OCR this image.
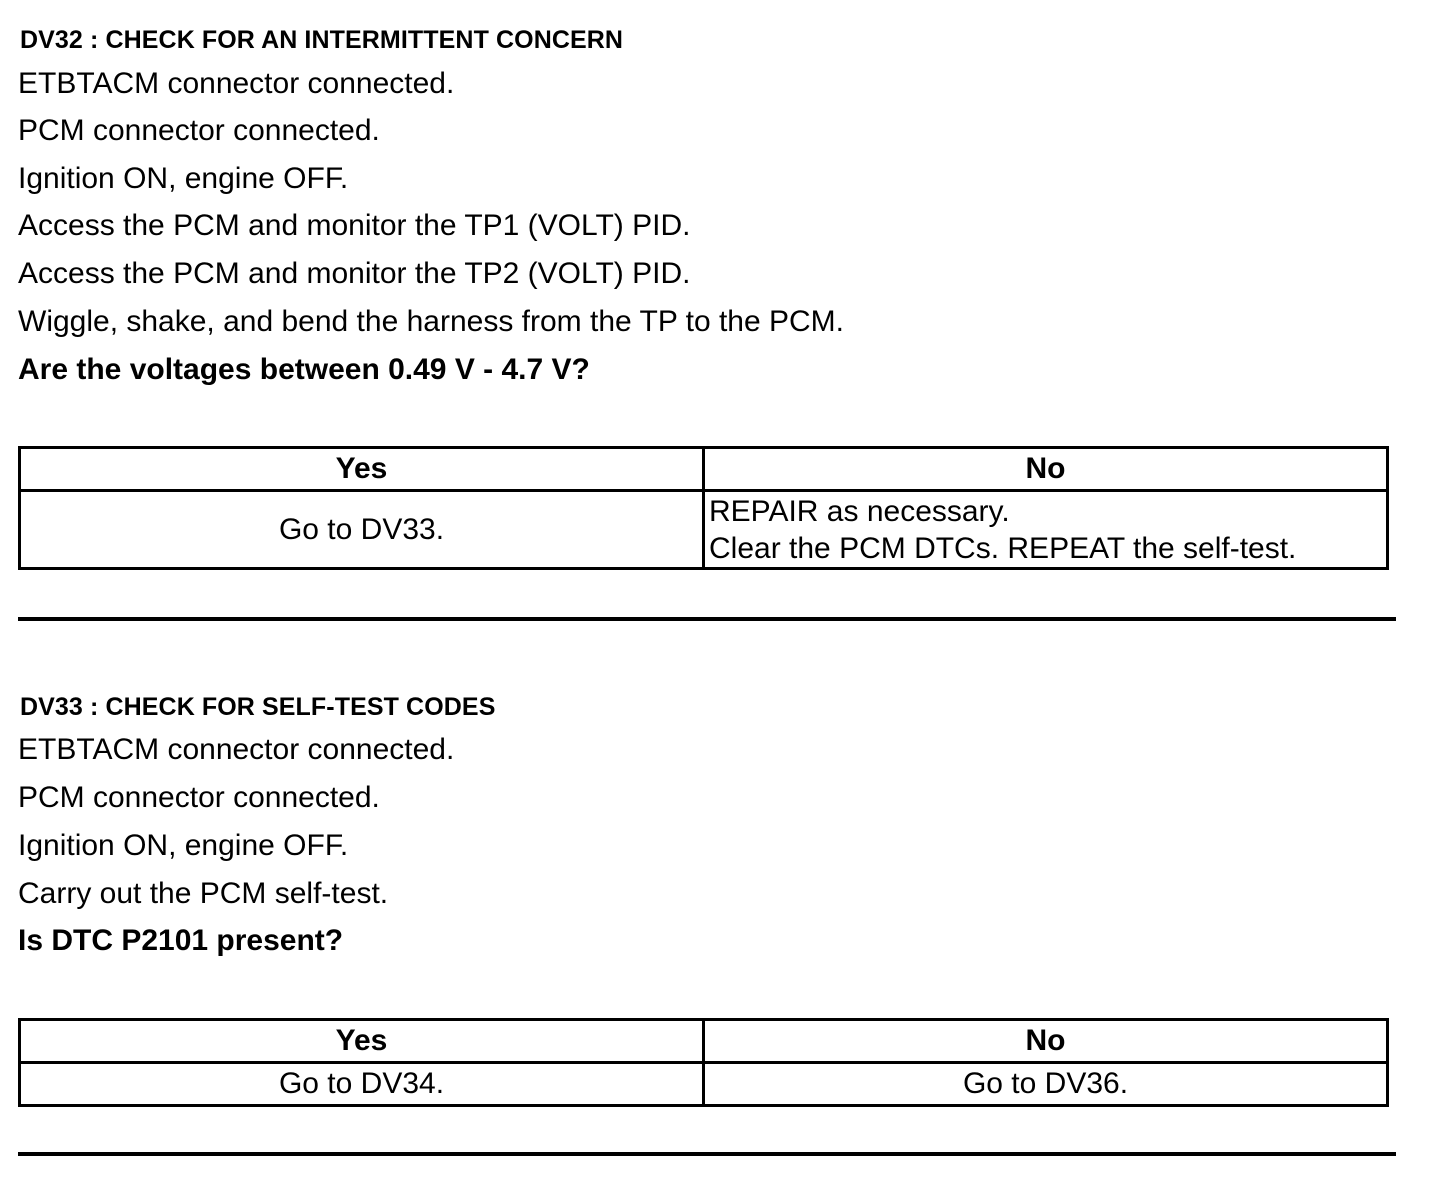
DV32 : CHECK FOR AN INTERMITTENT CONCERN
ETBTACM connector connected.
PCM connector connected.
Ignition ON, engine OFF.
Access the PCM and monitor the TP1 (VOLT) PID.
Access the PCM and monitor the TP2 (VOLT) PID.
Wiggle, shake, and bend the harness from the TP to the PCM.
Are the voltages between 0.49 V - 4.7 V?
Yes	No
Go to DV33.	REPAIR as necessary.
Clear the PCM DTCs. REPEAT the self-test.
DV33 : CHECK FOR SELF-TEST CODES
ETBTACM connector connected.
PCM connector connected.
Ignition ON, engine OFF.
Carry out the PCM self-test.
Is DTC P2101 present?
Yes	No
Go to DV34.	Go to DV36.
